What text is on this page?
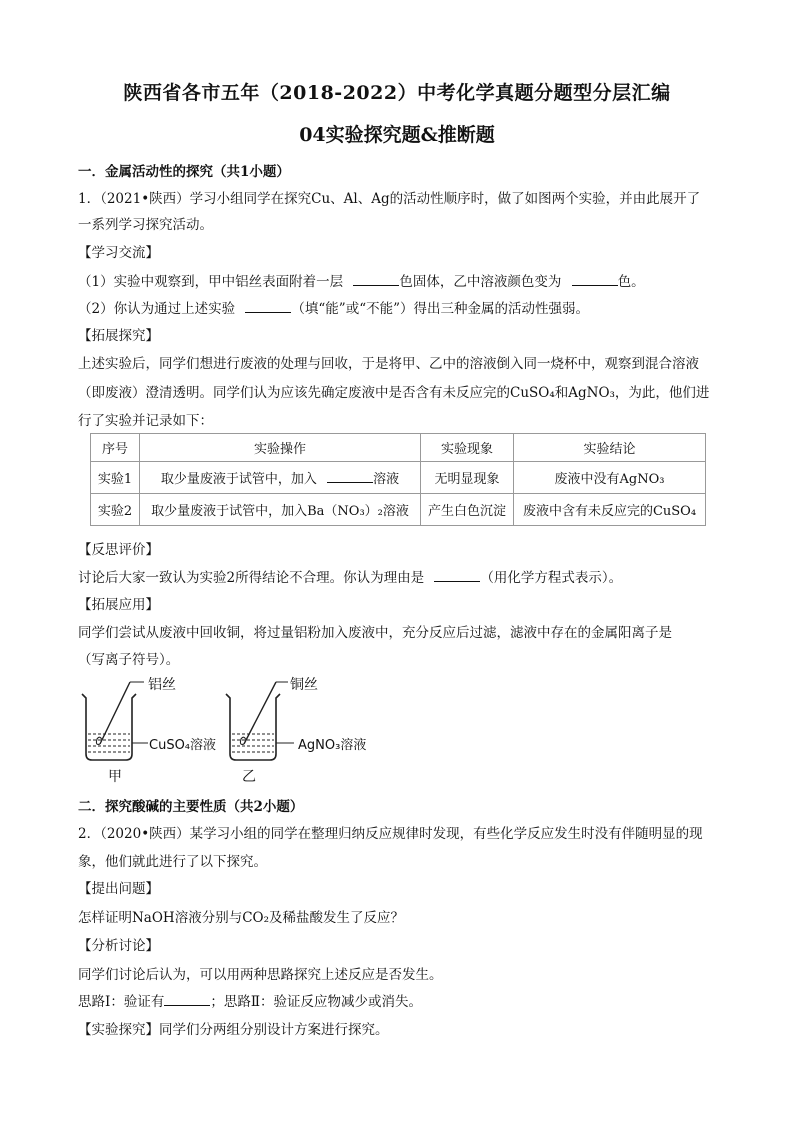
陕西省各市五年（2018-2022）中考化学真题分题型分层汇编
04实验探究题&推断题
一．金属活动性的探究（共1小题）
1．（2021•陕西）学习小组同学在探究Cu、Al、Ag的活动性顺序时，做了如图两个实验，并由此展开了
一系列学习探究活动。
【学习交流】
（1）实验中观察到，甲中铝丝表面附着一层	色固体，乙中溶液颜色变为	色。
（2）你认为通过上述实验	（填“能”或“不能”）得出三种金属的活动性强弱。
【拓展探究】
上述实验后，同学们想进行废液的处理与回收，于是将甲、乙中的溶液倒入同一烧杯中，观察到混合溶液
（即废液）澄清透明。同学们认为应该先确定废液中是否含有未反应完的CuSO₄和AgNO₃，为此，他们进
行了实验并记录如下：
序号	实验操作	实验现象	实验结论
实验1	取少量废液于试管中，加入 溶液	无明显现象	废液中没有AgNO₃
实验2	取少量废液于试管中，加入Ba（NO₃）₂溶液	产生白色沉淀	废液中含有未反应完的CuSO₄
【反思评价】
讨论后大家一致认为实验2所得结论不合理。你认为理由是	（用化学方程式表示）。
【拓展应用】
同学们尝试从废液中回收铜，将过量铝粉加入废液中，充分反应后过滤，滤液中存在的金属阳离子是
（写离子符号）。
铝丝
CuSO₄溶液
甲
铜丝
AgNO₃溶液
乙
二．探究酸碱的主要性质（共2小题）
2．（2020•陕西）某学习小组的同学在整理归纳反应规律时发现，有些化学反应发生时没有伴随明显的现
象，他们就此进行了以下探究。
【提出问题】
怎样证明NaOH溶液分别与CO₂及稀盐酸发生了反应？
【分析讨论】
同学们讨论后认为，可以用两种思路探究上述反应是否发生。
思路Ⅰ：验证有	；思路Ⅱ：验证反应物减少或消失。
【实验探究】同学们分两组分别设计方案进行探究。
